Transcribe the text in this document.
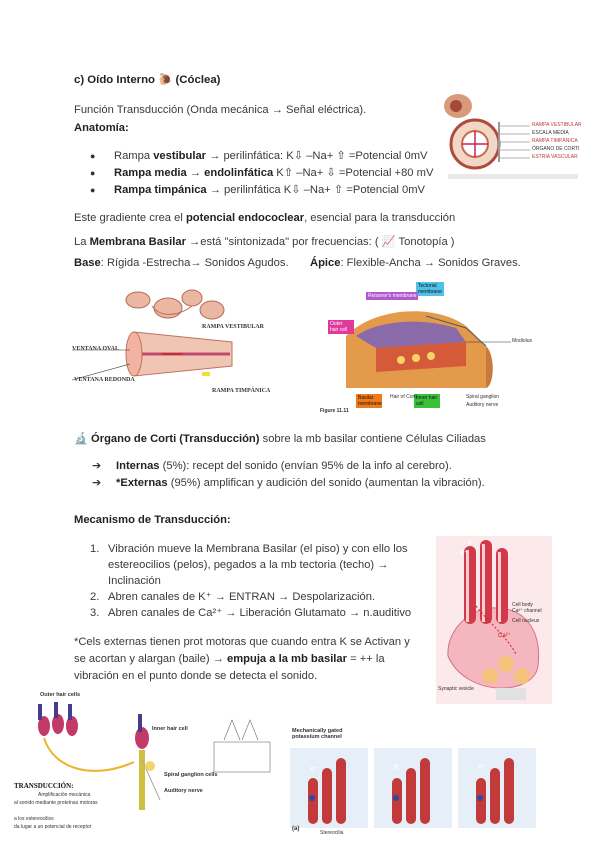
c) Oído Interno 🐌 (Cóclea)
Función Transducción (Onda mecánica → Señal eléctrica).
Anatomía:
● Rampa vestibular → perilinfática: K⇩ –Na+ ⇧ =Potencial 0mV
● Rampa media → endolinfática K⇧ –Na+ ⇩ =Potencial +80 mV
● Rampa timpánica → perilinfática K⇩ –Na+ ⇧ =Potencial 0mV
Este gradiente crea el potencial endococlear, esencial para la transducción
La Membrana Basilar →está "sintonizada" por frecuencias: ( 📈 Tonotopía )
Base: Rígida -Estrecha→ Sonidos Agudos. Ápice: Flexible-Ancha → Sonidos Graves.
RAMPA VESTIBULAR
ESCALA MEDIA
RAMPA TIMPÁNICA
ÓRGANO DE CORTI
ESTRÍA VASCULAR
VENTANA OVAL
VENTANA REDONDA
RAMPA VESTIBULAR
RAMPA TIMPÁNICA
Tectorial membrane
Reissner's membrane
Outer hair cell
Inner hair cell
Basilar membrane
Hair of Corti	Spiral ganglion
Auditory nerve
Modiolus
Figure 11.11
🔬 Órgano de Corti (Transducción) sobre la mb basilar contiene Células Ciliadas
➔ Internas (5%): recept del sonido (envían 95% de la info al cerebro).
➔ *Externas (95%) amplifican y audición del sonido (aumentan la vibración).
Mecanismo de Transducción:
1. Vibración mueve la Membrana Basilar (el piso) y con ello los estereocilios (pelos), pegados a la mb tectoria (techo) → Inclinación
2. Abren canales de K⁺ → ENTRAN → Despolarización.
3. Abren canales de Ca²⁺ → Liberación Glutamato → n.auditivo
*Cels externas tienen prot motoras que cuando entra K se Activan y se acortan y alargan (baile) → empuja a la mb basilar = ++ la vibración en el punto donde se detecta el sonido.
K⁺
K⁺
Ca²⁺
Cell body
Ca²⁺ channel
Cell nucleus
Synaptic vesicle
Outer hair cells
Inner hair cell
Spiral ganglion cells
Auditory nerve
TRANSDUCCIÓN:
Amplificación mecánica
al sonido mediante proteínas motoras
a los estereocilios
da lugar a un potencial de receptor
Mechanically gated potassium channel
K⁺	K⁺	K⁺
Stereocilia
(a)
